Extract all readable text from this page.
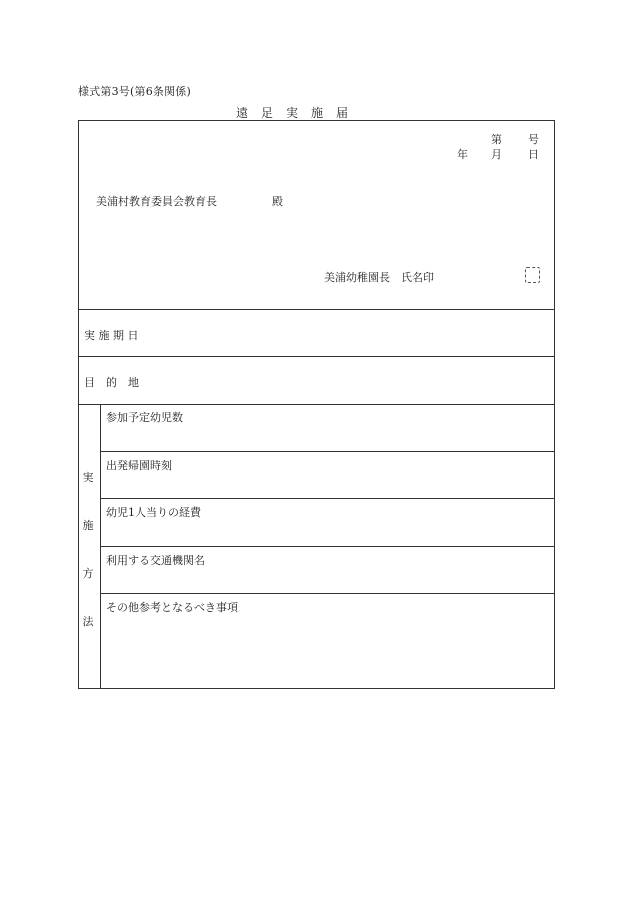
様式第3号(第6条関係)
遠　足　実　施　届
第 号
年 月 日
美浦村教育委員会教育長	殿
美浦幼稚園長　氏名印
実 施 期 日
目　的　地
実
施
方
法
参加予定幼児数
出発帰園時刻
幼児1人当りの経費
利用する交通機関名
その他参考となるべき事項
